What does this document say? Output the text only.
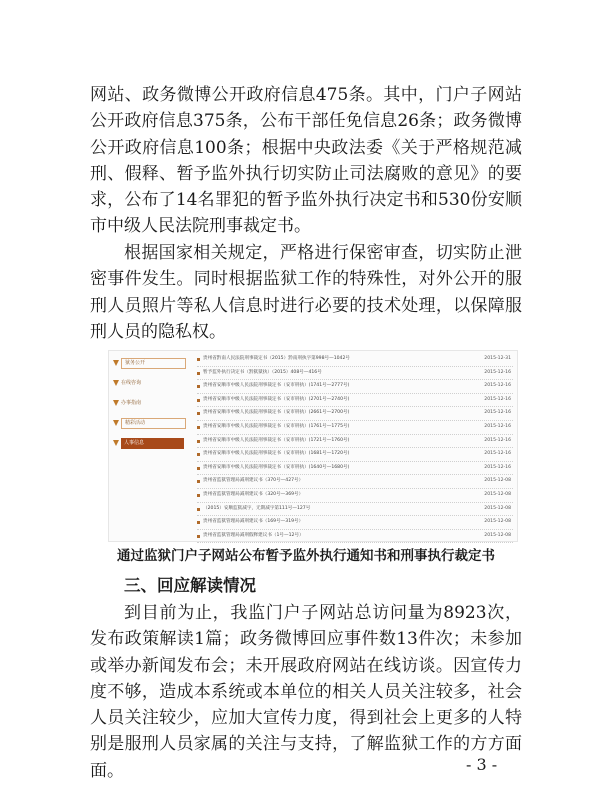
网站、政务微博公开政府信息475条。其中，门户子网站公开政府信息375条，公布干部任免信息26条；政务微博公开政府信息100条；根据中央政法委《关于严格规范减刑、假释、暂予监外执行切实防止司法腐败的意见》的要求，公布了14名罪犯的暂予监外执行决定书和530份安顺市中级人民法院刑事裁定书。

根据国家相关规定，严格进行保密审查，切实防止泄密事件发生。同时根据监狱工作的特殊性，对外公开的服刑人员照片等私人信息时进行必要的技术处理，以保障服刑人员的隐私权。

狱务公开
在线咨询
办事指南
精彩活动
人事信息
贵州省黔南人民法院刑事裁定书（2015）黔南刑执字第998号—1042号	2015-12-31
暂予监外执行决定书（黔狱狱执）（2015）408号—416号	2015-12-16
贵州省安顺市中级人民法院刑事裁定书（安市刑执）(1741号—2777号)	2015-12-16
贵州省安顺市中级人民法院刑事裁定书（安市刑执）(2701号—2740号)	2015-12-16
贵州省安顺市中级人民法院刑事裁定书（安市刑执）(2661号—2700号)	2015-12-16
贵州省安顺市中级人民法院刑事裁定书（安市刑执）(1761号—1775号)	2015-12-16
贵州省安顺市中级人民法院刑事裁定书（安市刑执）(1721号—1760号)	2015-12-16
贵州省安顺市中级人民法院刑事裁定书（安市刑执）(1681号—1720号)	2015-12-16
贵州省安顺市中级人民法院刑事裁定书（安市刑执）(1640号—1680号)	2015-12-16
贵州省监狱管理局减刑建议书（370号—427号）	2015-12-08
贵州省监狱管理局减刑建议书（320号—369号）	2015-12-08
（2015）安顺监狱减字，无期减字第111号—127号	2015-12-08
贵州省监狱管理局减刑建议书（169号—319号）	2015-12-08
贵州省监狱管理局减刑假释建议书（1号—12号）	2015-12-08
通过监狱门户子网站公布暂予监外执行通知书和刑事执行裁定书
三、回应解读情况

到目前为止，我监门户子网站总访问量为8923次，发布政策解读1篇；政务微博回应事件数13件次；未参加或举办新闻发布会；未开展政府网站在线访谈。因宣传力度不够，造成本系统或本单位的相关人员关注较多，社会人员关注较少，应加大宣传力度，得到社会上更多的人特别是服刑人员家属的关注与支持，了解监狱工作的方方面面。	- 3 -
